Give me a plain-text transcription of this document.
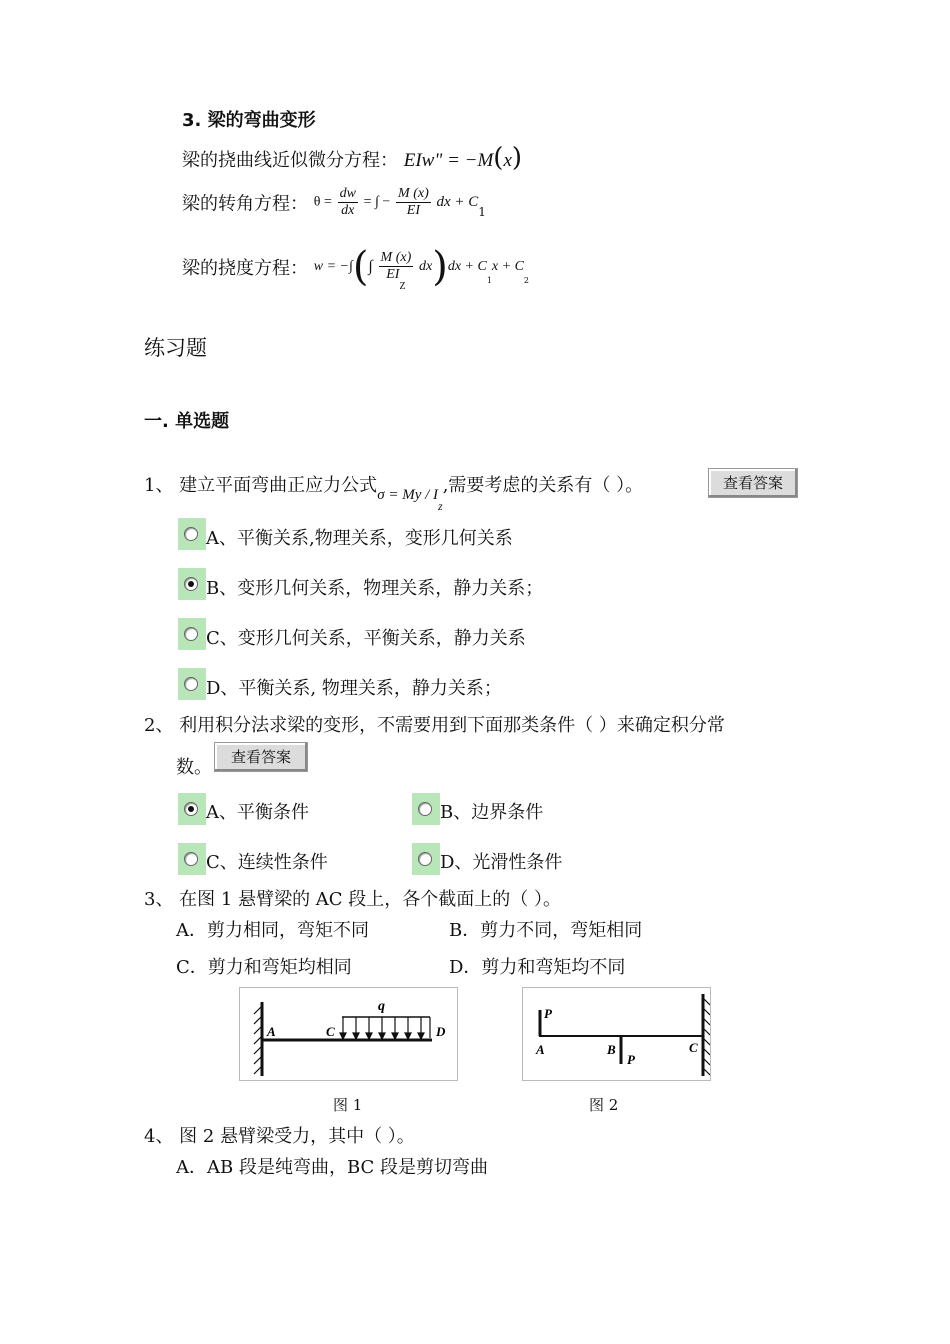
3. 梁的弯曲变形
梁的挠曲线近似微分方程： EIw" = −M(x)
梁的转角方程： $\theta = \frac{dw}{dx}$ = ∫ − $\frac{M (x)}{EI}$ dx + $C_1$
梁的挠度方程： w = −∫(∫ $\frac{M (x)}{EI_Z} dx)dx + C_1x + C_2$
练习题
一. 单选题
1、 建立平面弯曲正应力公式$_{\sigma = My / Iz}$,需要考虑的关系有（ ）。	查看答案
A、平衡关系,物理关系，变形几何关系
B、变形几何关系，物理关系，静力关系；
C、变形几何关系，平衡关系，静力关系
D、平衡关系, 物理关系，静力关系；
2、 利用积分法求梁的变形，不需要用到下面那类条件（ ）来确定积分常
数。	查看答案
A、平衡条件	B、边界条件
C、连续性条件	D、光滑性条件
3、 在图 1 悬臂梁的 AC 段上，各个截面上的（ ）。
A．剪力相同，弯矩不同	B．剪力不同，弯矩相同
C．剪力和弯矩均相同	D．剪力和弯矩均不同
A	C
q
D
图 1
P
A	B
P
C
图 2
4、 图 2 悬臂梁受力，其中（ ）。
A．AB 段是纯弯曲，BC 段是剪切弯曲
